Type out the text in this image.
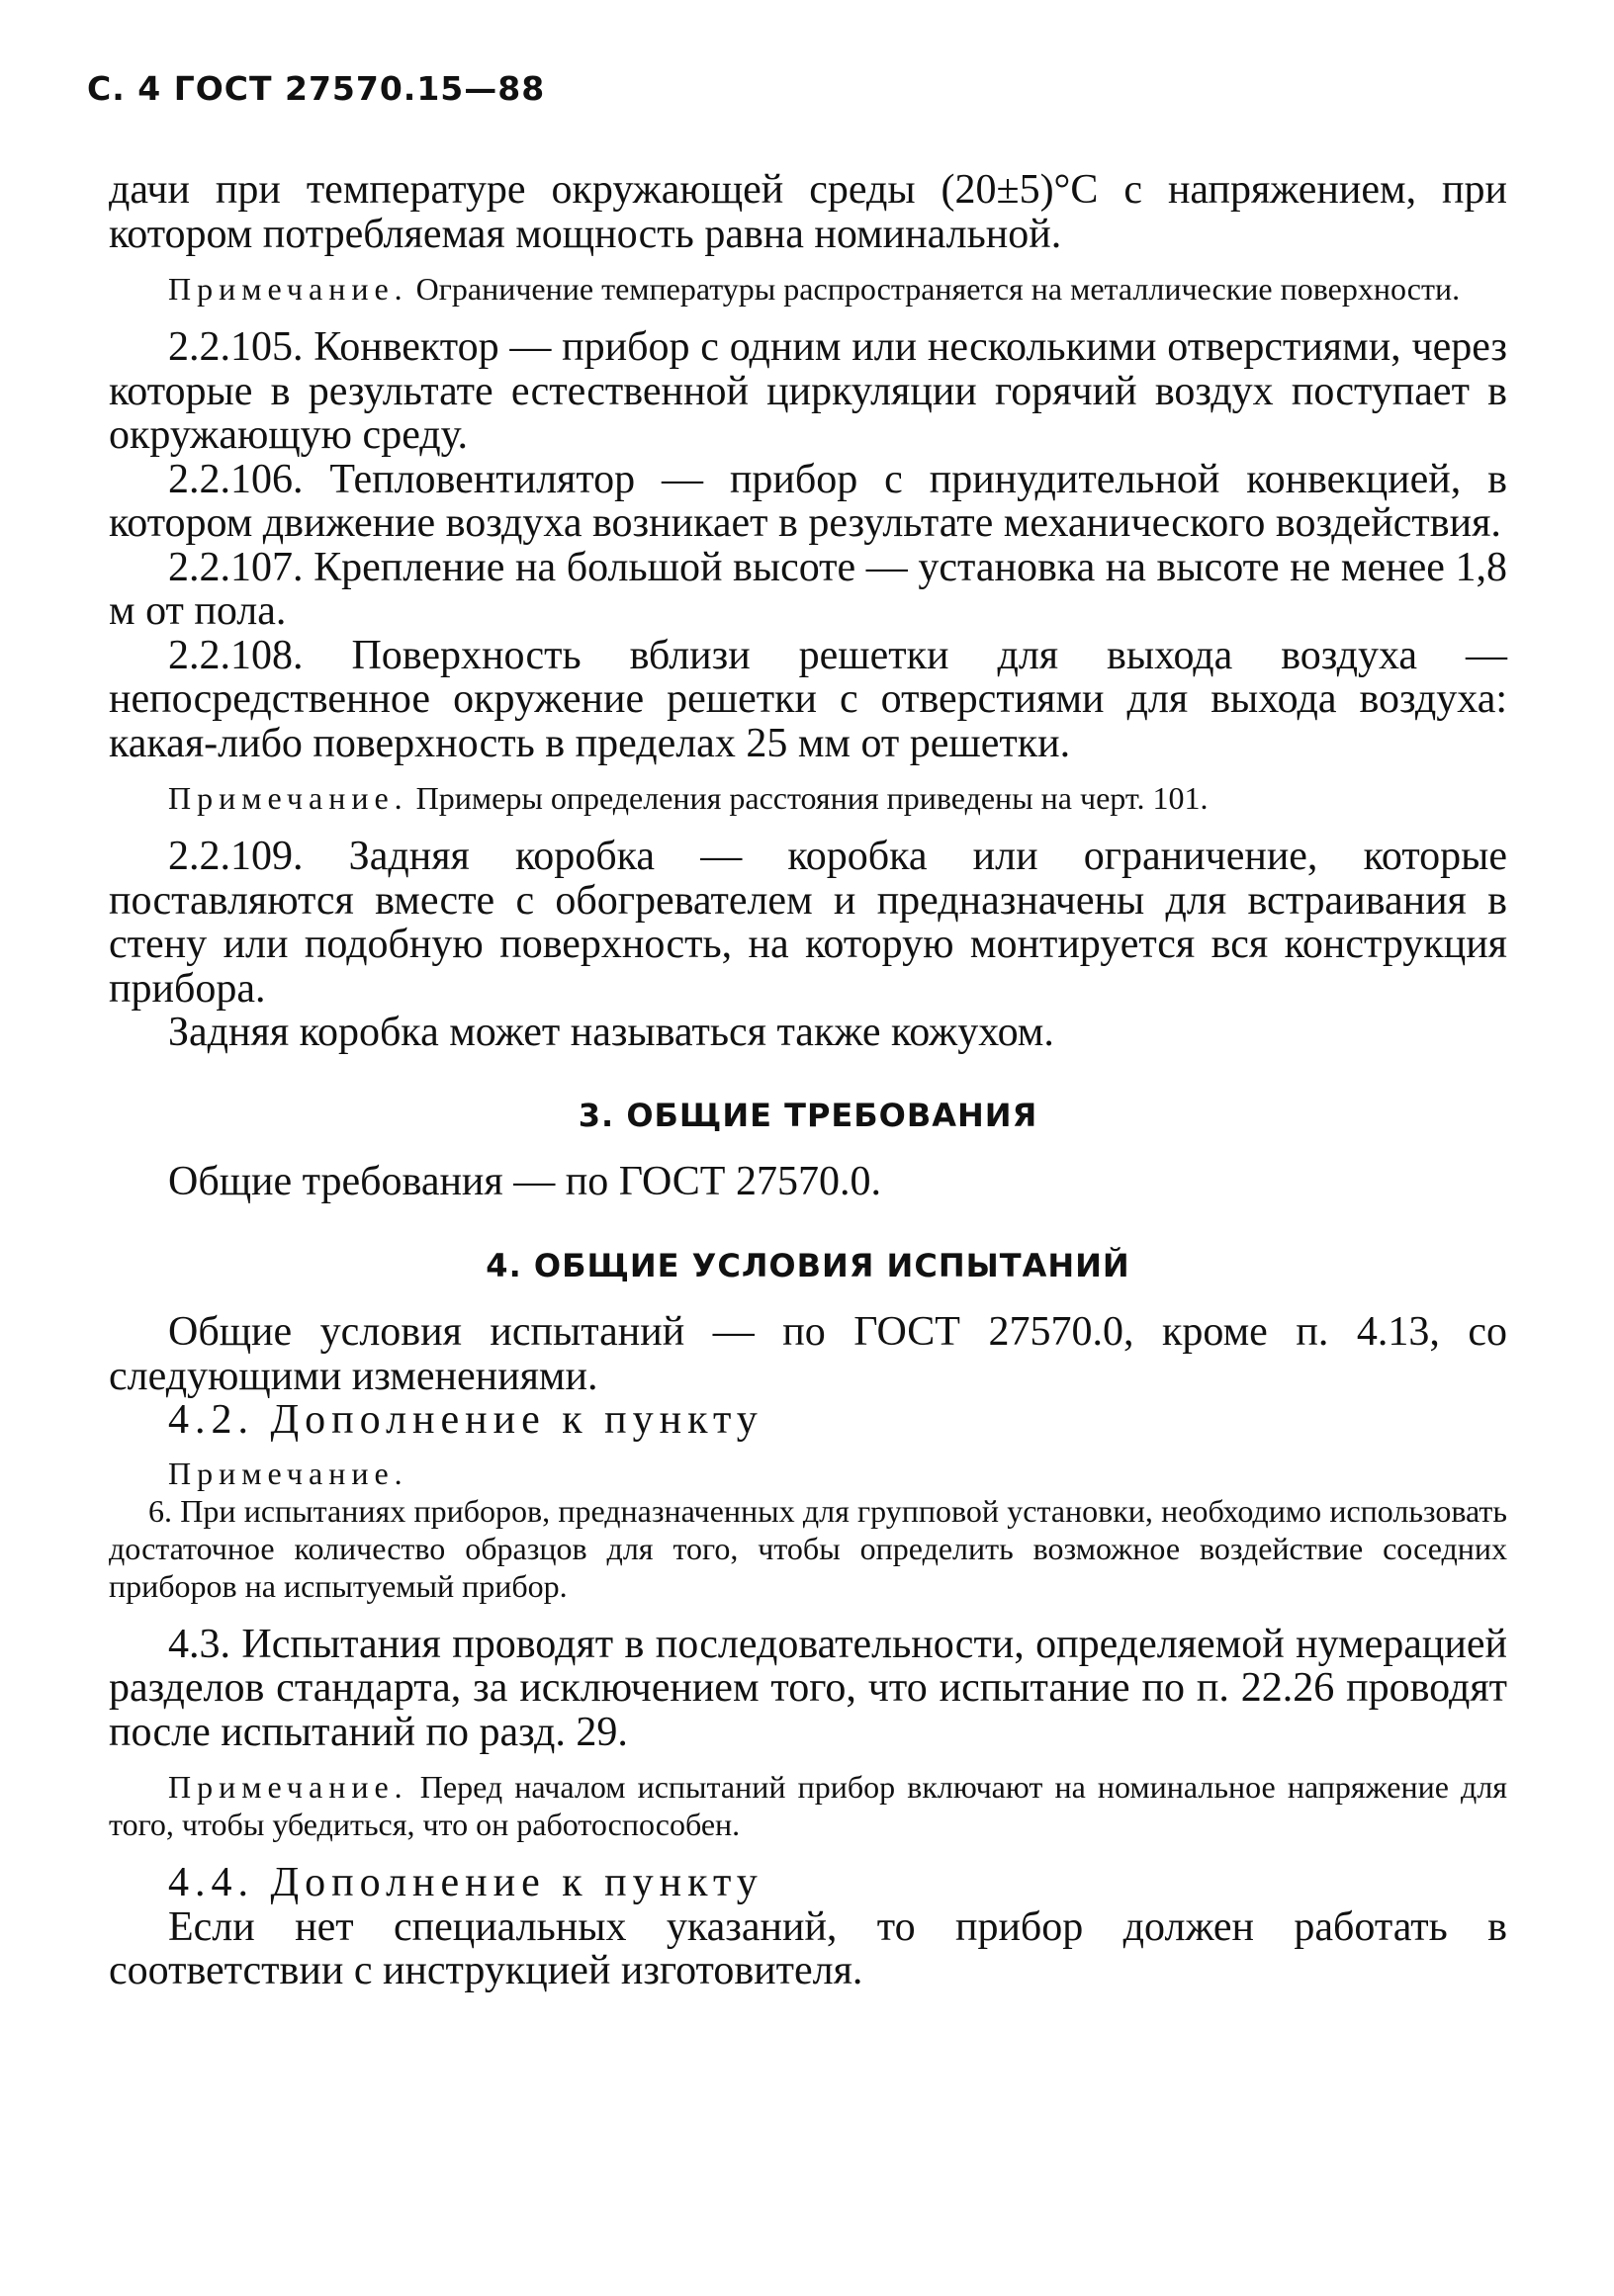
С. 4 ГОСТ 27570.15—88

дачи при температуре окружающей среды (20±5)°С с напряжением, при котором потребляемая мощность равна номинальной.

Примечание. Ограничение температуры распространяется на металлические поверхности.

2.2.105. Конвектор — прибор с одним или несколькими отверстиями, через которые в результате естественной циркуляции горячий воздух поступает в окружающую среду.

2.2.106. Тепловентилятор — прибор с принудительной конвекцией, в котором движение воздуха возникает в результате механического воздействия.

2.2.107. Крепление на большой высоте — установка на высоте не менее 1,8 м от пола.

2.2.108. Поверхность вблизи решетки для выхода воздуха — непосредственное окружение решетки с отверстиями для выхода воздуха: какая-либо поверхность в пределах 25 мм от решетки.

Примечание. Примеры определения расстояния приведены на черт. 101.

2.2.109. Задняя коробка — коробка или ограничение, которые поставляются вместе с обогревателем и предназначены для встраивания в стену или подобную поверхность, на которую монтируется вся конструкция прибора.

Задняя коробка может называться также кожухом.

3. ОБЩИЕ ТРЕБОВАНИЯ

Общие требования — по ГОСТ 27570.0.

4. ОБЩИЕ УСЛОВИЯ ИСПЫТАНИЙ

Общие условия испытаний — по ГОСТ 27570.0, кроме п. 4.13, со следующими изменениями.

4.2. Дополнение к пункту

Примечание.

6. При испытаниях приборов, предназначенных для групповой установки, необходимо использовать достаточное количество образцов для того, чтобы определить возможное воздействие соседних приборов на испытуемый прибор.

4.3. Испытания проводят в последовательности, определяемой нумерацией разделов стандарта, за исключением того, что испытание по п. 22.26 проводят после испытаний по разд. 29.

Примечание. Перед началом испытаний прибор включают на номинальное напряжение для того, чтобы убедиться, что он работоспособен.

4.4. Дополнение к пункту

Если нет специальных указаний, то прибор должен работать в соответствии с инструкцией изготовителя.
